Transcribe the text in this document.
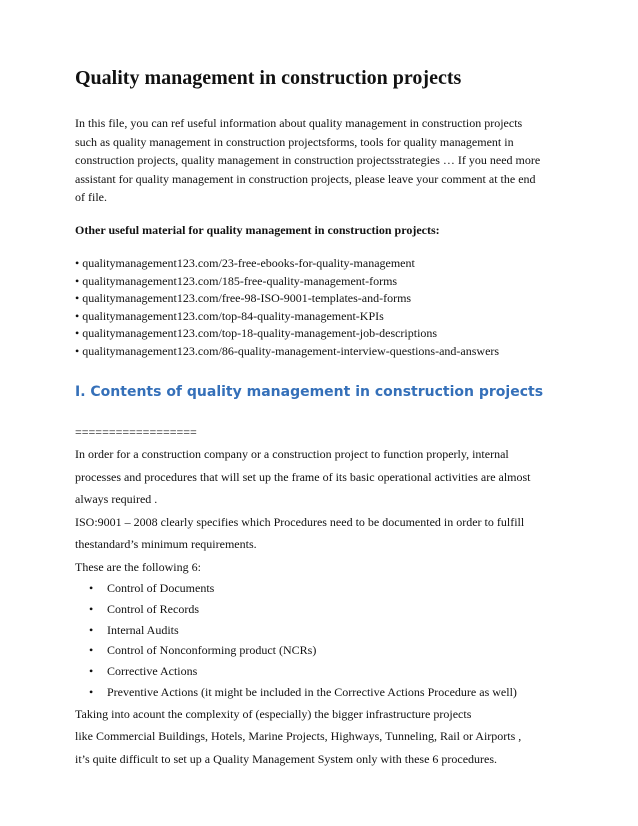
Quality management in construction projects

In this file, you can ref useful information about quality management in construction projects
such as quality management in construction projectsforms, tools for quality management in
construction projects, quality management in construction projectsstrategies … If you need more
assistant for quality management in construction projects, please leave your comment at the end
of file.

Other useful material for quality management in construction projects:
• qualitymanagement123.com/23-free-ebooks-for-quality-management
• qualitymanagement123.com/185-free-quality-management-forms
• qualitymanagement123.com/free-98-ISO-9001-templates-and-forms
• qualitymanagement123.com/top-84-quality-management-KPIs
• qualitymanagement123.com/top-18-quality-management-job-descriptions
• qualitymanagement123.com/86-quality-management-interview-questions-and-answers
I. Contents of quality management in construction projects
==================
In order for a construction company or a construction project to function properly, internal
processes and procedures that will set up the frame of its basic operational activities are almost
always required .
ISO:9001 – 2008 clearly specifies which Procedures need to be documented in order to fulfill
thestandard’s minimum requirements.
These are the following 6:
• Control of Documents
• Control of Records
• Internal Audits
• Control of Nonconforming product (NCRs)
• Corrective Actions
• Preventive Actions (it might be included in the Corrective Actions Procedure as well)
Taking into acount the complexity of (especially) the bigger infrastructure projects
like Commercial Buildings, Hotels, Marine Projects, Highways, Tunneling, Rail or Airports ,
it’s quite difficult to set up a Quality Management System only with these 6 procedures.
